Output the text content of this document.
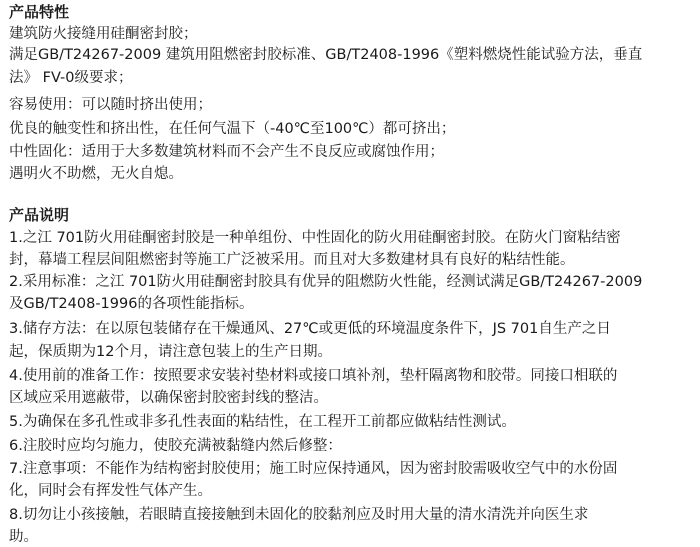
产品特性
建筑防火接缝用硅酮密封胶；
满足GB/T24267-2009 建筑用阻燃密封胶标准、GB/T2408-1996《塑料燃烧性能试验方法，垂直
法》 FV-0级要求；
容易使用：可以随时挤出使用；
优良的触变性和挤出性，在任何气温下（-40℃至100℃）都可挤出；
中性固化：适用于大多数建筑材料而不会产生不良反应或腐蚀作用；
遇明火不助燃，无火自熄。
产品说明
1.之江 701防火用硅酮密封胶是一种单组份、中性固化的防火用硅酮密封胶。在防火门窗粘结密
封，幕墙工程层间阻燃密封等施工广泛被采用。而且对大多数建材具有良好的粘结性能。
2.采用标准：之江 701防火用硅酮密封胶具有优异的阻燃防火性能，经测试满足GB/T24267-2009
及GB/T2408-1996的各项性能指标。
3.储存方法：在以原包装储存在干燥通风、27℃或更低的环境温度条件下，JS 701自生产之日
起，保质期为12个月，请注意包装上的生产日期。
4.使用前的准备工作：按照要求安装衬垫材料或接口填补剂，垫杆隔离物和胶带。同接口相联的
区域应采用遮蔽带，以确保密封胶密封线的整洁。
5.为确保在多孔性或非多孔性表面的粘结性，在工程开工前都应做粘结性测试。
6.注胶时应均匀施力，使胶充满被黏缝内然后修整：
7.注意事项：不能作为结构密封胶使用；施工时应保持通风，因为密封胶需吸收空气中的水份固
化，同时会有挥发性气体产生。
8.切勿让小孩接触，若眼睛直接接触到未固化的胶黏剂应及时用大量的清水清洗并向医生求
助。
